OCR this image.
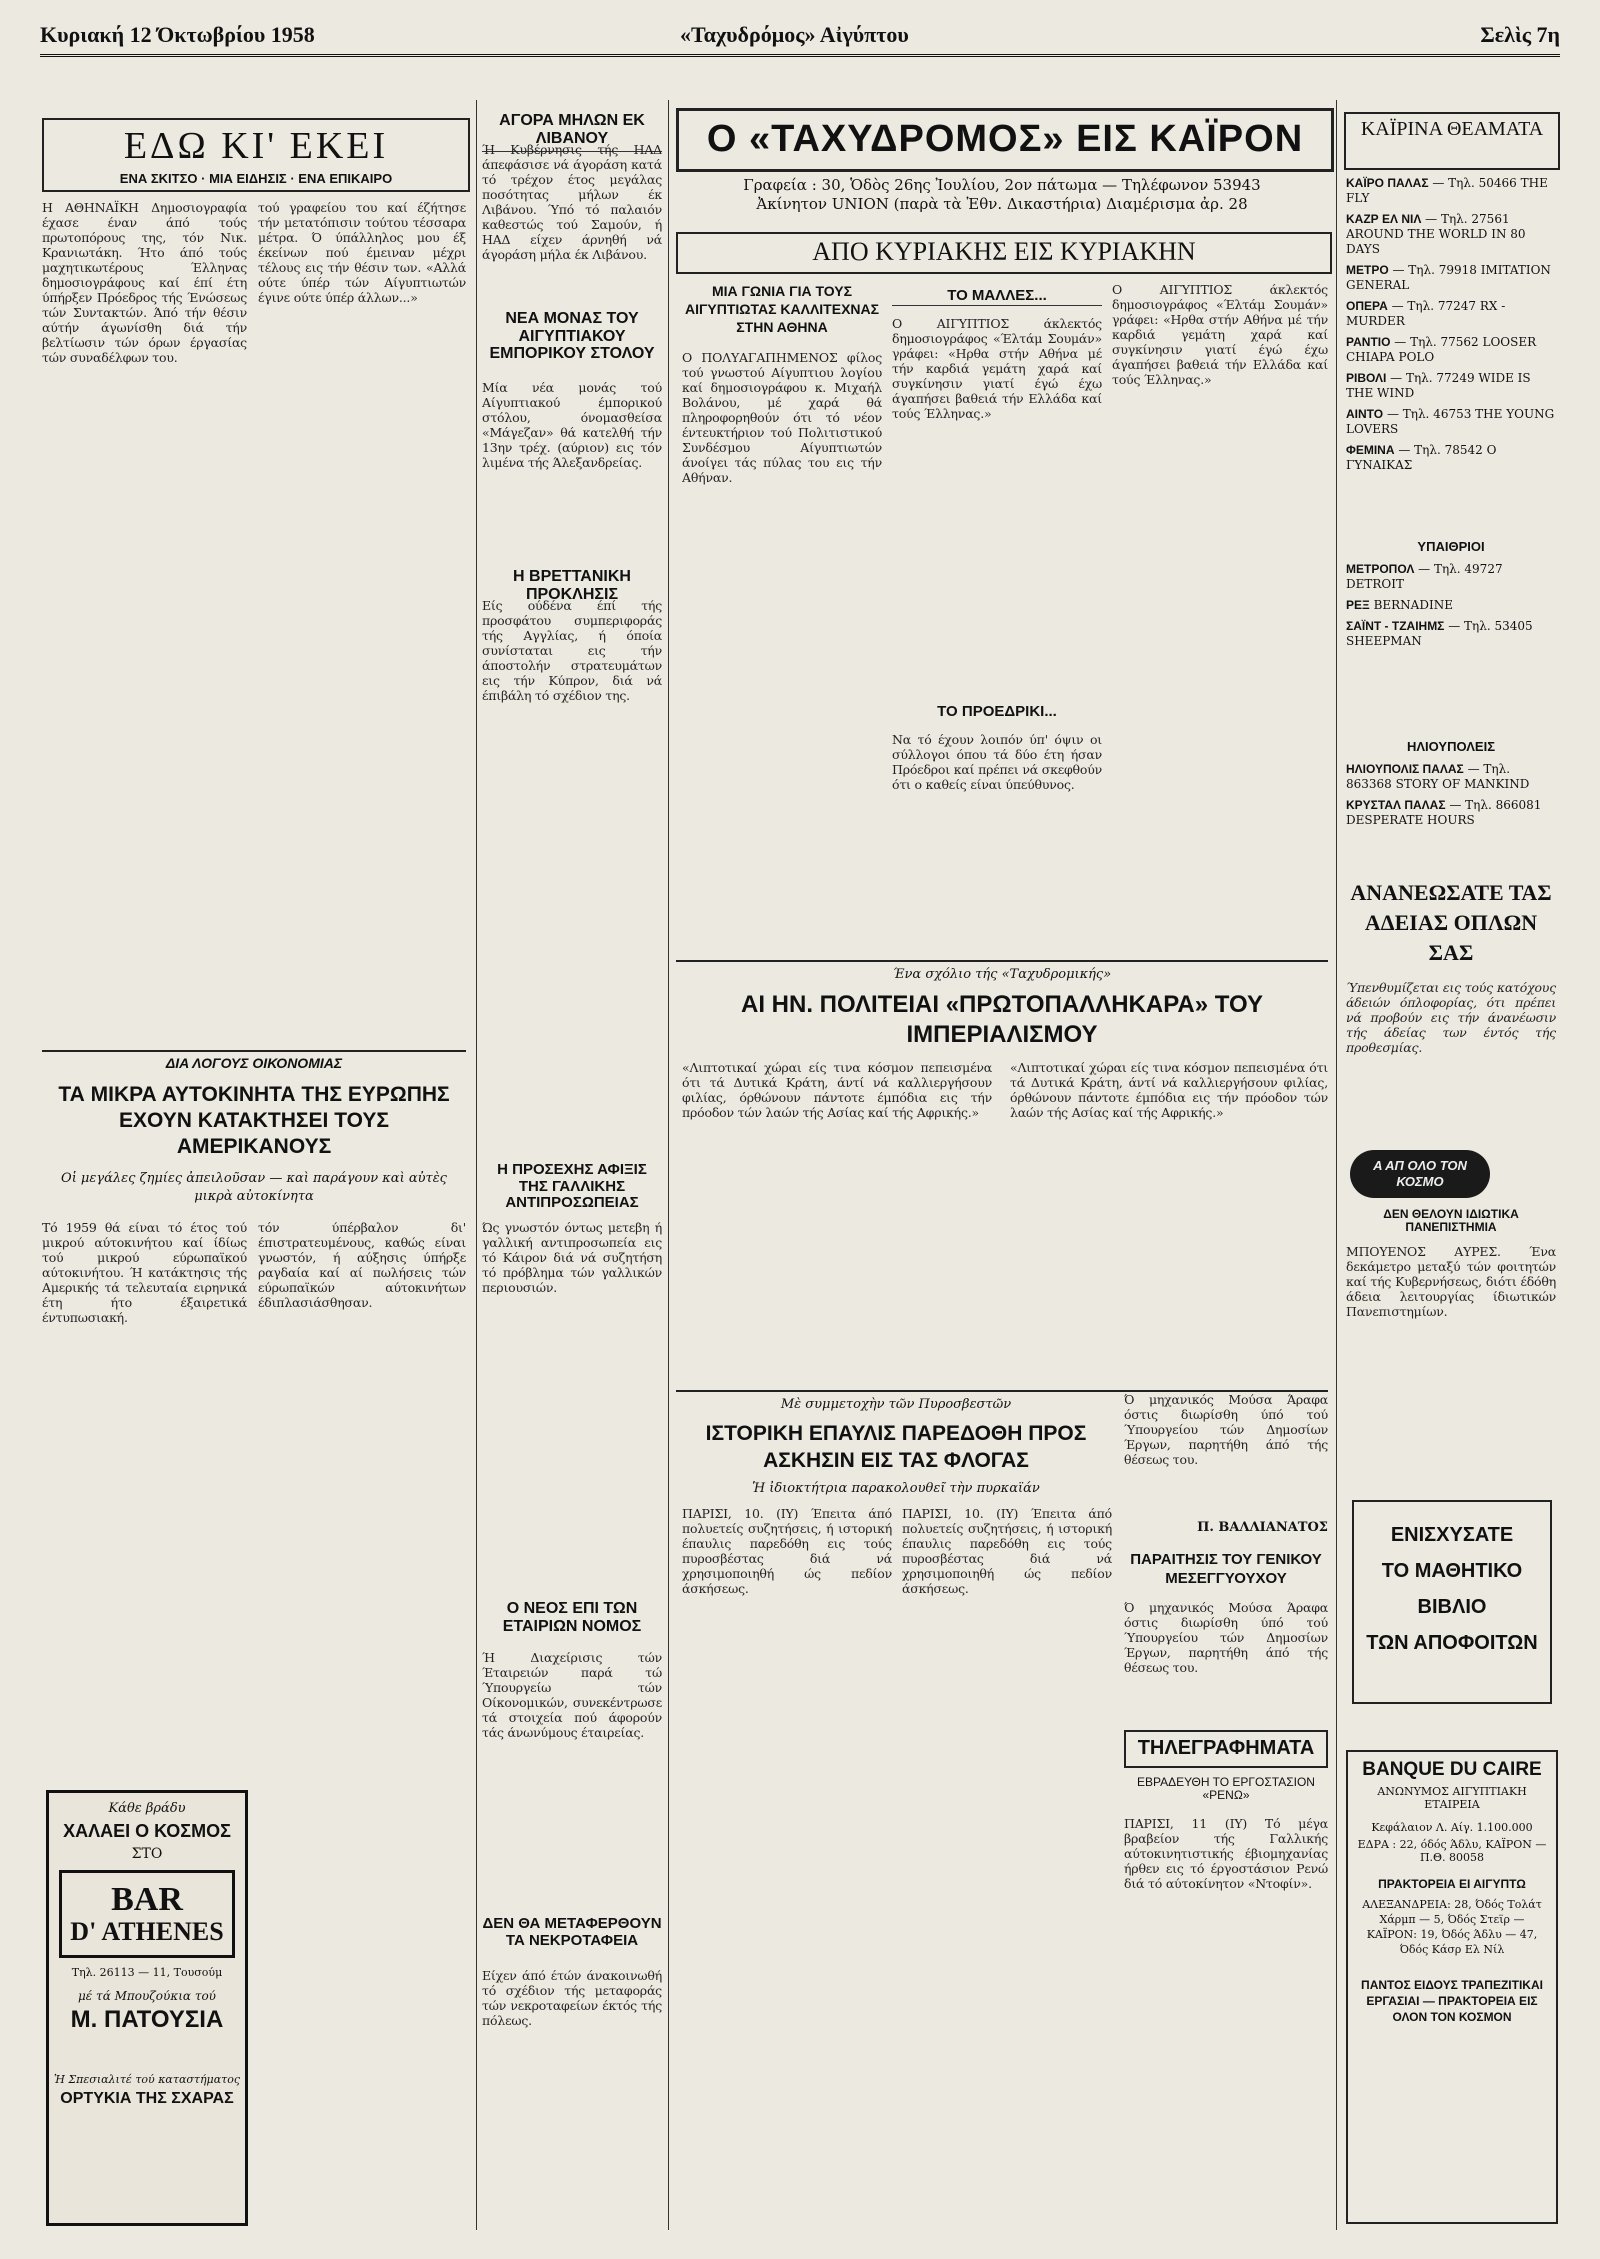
Κυριακή 12 Όκτωβρίου 1958	«Ταχυδρόμος» Αἰγύπτου	Σελὶς 7η
ΕΔΩ ΚΙ' ΕΚΕΙ
ΕΝΑ ΣΚΙΤΣΟ · ΜΙΑ ΕΙΔΗΣΙΣ · ΕΝΑ ΕΠΙΚΑΙΡΟ
Η ΑΘΗΝΑΪΚΗ Δημοσιογραφία έχασε έναν άπό τούς πρωτοπόρους της, τόν Νικ. Κρανιωτάκη. Ήτο άπό τούς μαχητικωτέρους Έλληνας δημοσιογράφους καί έπί έτη ύπήρξεν Πρόεδρος τής Ένώσεως τών Συντακτών. Άπό τήν θέσιν αύτήν άγωνίσθη διά τήν βελτίωσιν τών όρων έργασίας τών συναδέλφων του.
τού γραφείου του καί έζήτησε τήν μετατόπισιν τούτου τέσσαρα μέτρα. Ό ύπάλληλος μου έξ έκείνων πού έμειναν μέχρι τέλους εις τήν θέσιν των. «Αλλά ούτε ύπέρ τών Αίγυπτιωτών έγινε ούτε ύπέρ άλλων...»
ΔΙΑ ΛΟΓΟΥΣ ΟΙΚΟΝΟΜΙΑΣ
ΤΑ ΜΙΚΡΑ ΑΥΤΟΚΙΝΗΤΑ ΤΗΣ ΕΥΡΩΠΗΣ ΕΧΟΥΝ ΚΑΤΑΚΤΗΣΕΙ ΤΟΥΣ ΑΜΕΡΙΚΑΝΟΥΣ
Οἱ μεγάλες ζημίες ἀπειλοῦσαν — καὶ παράγουν καὶ αὐτὲς μικρὰ αὐτοκίνητα
Τό 1959 θά είναι τό έτος τού μικρού αύτοκινήτου καί ίδίως τού μικρού εύρωπαϊκού αύτοκινήτου. Ή κατάκτησις τής Αμερικής τά τελευταία ειρηνικά έτη ήτο έξαιρετικά έντυπωσιακή.
τόν ύπέρβαλον δι' έπιστρατευμένους, καθώς είναι γνωστόν, ή αύξησις ύπήρξε ραγδαία καί αί πωλήσεις τών εύρωπαϊκών αύτοκινήτων έδιπλασιάσθησαν.
Κάθε βράδυ
ΧΑΛΑΕΙ Ο ΚΟΣΜΟΣ
ΣΤΟ
BAR
D' ATHENES
Τηλ. 26113 — 11, Τουσούμ
μέ τά Μπουζούκια τού
Μ. ΠΑΤΟΥΣΙΑ
Ἡ Σπεσιαλιτέ τού καταστήματος
ΟΡΤΥΚΙΑ ΤΗΣ ΣΧΑΡΑΣ
ΑΓΟΡΑ ΜΗΛΩΝ ΕΚ ΛΙΒΑΝΟΥ
Ή Κυβέρνησις τής ΗΑΔ άπεφάσισε νά άγοράση κατά τό τρέχον έτος μεγάλας ποσότητας μήλων έκ Λιβάνου. Ύπό τό παλαιόν καθεστώς τού Σαμούν, ή ΗΑΔ είχεν άρνηθή νά άγοράση μήλα έκ Λιβάνου.
ΝΕΑ ΜΟΝΑΣ ΤΟΥ ΑΙΓΥΠΤΙΑΚΟΥ ΕΜΠΟΡΙΚΟΥ ΣΤΟΛΟΥ
Μία νέα μονάς τού Αίγυπτιακού έμπορικού στόλου, όνομασθείσα «Μάγεζαν» θά κατελθή τήν 13ην τρέχ. (αύριον) εις τόν λιμένα τής Άλεξανδρείας.
Η ΒΡΕΤΤΑΝΙΚΗ ΠΡΟΚΛΗΣΙΣ
Είς ούδένα έπί τής προσφάτου συμπεριφοράς τής Αγγλίας, ή όποία συνίσταται εις τήν άποστολήν στρατευμάτων εις τήν Κύπρον, διά νά έπιβάλη τό σχέδιον της.
Η ΠΡΟΣΕΧΗΣ ΑΦΙΞΙΣ ΤΗΣ ΓΑΛΛΙΚΗΣ ΑΝΤΙΠΡΟΣΩΠΕΙΑΣ
Ώς γνωστόν όντως μετεβη ή γαλλική αντιπροσωπεία εις τό Κάιρον διά νά συζητήση τό πρόβλημα τών γαλλικών περιουσιών.
Ο ΝΕΟΣ ΕΠΙ ΤΩΝ ΕΤΑΙΡΙΩΝ ΝΟΜΟΣ
Ή Διαχείρισις τών Έταιρειών παρά τώ Ύπουργείω τών Οίκονομικών, συνεκέντρωσε τά στοιχεία πού άφορούν τάς άνωνύμους έταιρείας.
ΔΕΝ ΘΑ ΜΕΤΑΦΕΡΘΟΥΝ ΤΑ ΝΕΚΡΟΤΑΦΕΙΑ
Είχεν άπό έτών άνακοινωθή τό σχέδιον τής μεταφοράς τών νεκροταφείων έκτός τής πόλεως.
Ο «ΤΑΧΥΔΡΟΜΟΣ» ΕΙΣ ΚΑΪΡΟΝ
Γραφεία : 30, Ὁδὸς 26ης Ἰουλίου, 2ον πάτωμα — Τηλέφωνον 53943
Ἀκίνητον UNION (παρὰ τὰ Ἐθν. Δικαστήρια) Διαμέρισμα ἀρ. 28
ΑΠΟ ΚΥΡΙΑΚΗΣ ΕΙΣ ΚΥΡΙΑΚΗΝ
ΜΙΑ ΓΩΝΙΑ ΓΙΑ ΤΟΥΣ ΑΙΓΥΠΤΙΩΤΑΣ ΚΑΛΛΙΤΕΧΝΑΣ ΣΤΗΝ ΑΘΗΝΑ
Ο ΠΟΛΥΑΓΑΠΗΜΕΝΟΣ φίλος τού γνωστού Αίγυπτιου λογίου καί δημοσιογράφου κ. Μιχαήλ Βολάνου, μέ χαρά θά πληροφορηθούν ότι τό νέον έντευκτήριον τού Πολιτιστικού Συνδέσμου Αίγυπτιωτών άνοίγει τάς πύλας του εις τήν Αθήναν.
ΤΟ ΜΑΛΛΕΣ...
Ο ΑΙΓΥΠΤΙΟΣ άκλεκτός δημοσιογράφος «Έλτάμ Σουμάν» γράφει: «Ηρθα στήν Αθήνα μέ τήν καρδιά γεμάτη χαρά καί συγκίνησιν γιατί έγώ έχω άγαπήσει βαθειά τήν Ελλάδα καί τούς Έλληνας.»
ΤΟ ΠΡΟΕΔΡΙΚΙ...
Να τό έχουν λοιπόν ύπ' όψιν οι σύλλογοι όπου τά δύο έτη ήσαν Πρόεδροι καί πρέπει νά σκεφθούν ότι ο καθείς είναι ύπεύθυνος.
Ο ΑΙΓΥΠΤΙΟΣ άκλεκτός δημοσιογράφος «Έλτάμ Σουμάν» γράφει: «Ηρθα στήν Αθήνα μέ τήν καρδιά γεμάτη χαρά καί συγκίνησιν γιατί έγώ έχω άγαπήσει βαθειά τήν Ελλάδα καί τούς Έλληνας.»
Ένα σχόλιο τής «Ταχυδρομικής»
ΑΙ ΗΝ. ΠΟΛΙΤΕΙΑΙ «ΠΡΩΤΟΠΑΛΛΗΚΑΡΑ» ΤΟΥ ΙΜΠΕΡΙΑΛΙΣΜΟΥ
«Λιπτοτικαί χώραι είς τινα κόσμον πεπεισμένα ότι τά Δυτικά Κράτη, άντί νά καλλιεργήσουν φιλίας, όρθώνουν πάντοτε έμπόδια εις τήν πρόοδον τών λαών τής Ασίας καί τής Αφρικής.»
«Λιπτοτικαί χώραι είς τινα κόσμον πεπεισμένα ότι τά Δυτικά Κράτη, άντί νά καλλιεργήσουν φιλίας, όρθώνουν πάντοτε έμπόδια εις τήν πρόοδον τών λαών τής Ασίας καί τής Αφρικής.»
Μὲ συμμετοχὴν τῶν Πυροσβεστῶν
ΙΣΤΟΡΙΚΗ ΕΠΑΥΛΙΣ ΠΑΡΕΔΟΘΗ ΠΡΟΣ ΑΣΚΗΣΙΝ ΕΙΣ ΤΑΣ ΦΛΟΓΑΣ
Ἡ ἰδιοκτήτρια παρακολουθεῖ τὴν πυρκαϊάν
ΠΑΡΙΣΙ, 10. (ΙΥ) Έπειτα άπό πολυετείς συζητήσεις, ή ιστορική έπαυλις παρεδόθη εις τούς πυροσβέστας διά νά χρησιμοποιηθή ώς πεδίον άσκήσεως.
ΠΑΡΙΣΙ, 10. (ΙΥ) Έπειτα άπό πολυετείς συζητήσεις, ή ιστορική έπαυλις παρεδόθη εις τούς πυροσβέστας διά νά χρησιμοποιηθή ώς πεδίον άσκήσεως.
Ό μηχανικός Μούσα Άραφα όστις διωρίσθη ύπό τού Ύπουργείου τών Δημοσίων Έργων, παρητήθη άπό τής θέσεως του.
Π. ΒΑΛΛΙΑΝΑΤΟΣ
ΠΑΡΑΙΤΗΣΙΣ ΤΟΥ ΓΕΝΙΚΟΥ ΜΕΣΕΓΓΥΟΥΧΟΥ
Ό μηχανικός Μούσα Άραφα όστις διωρίσθη ύπό τού Ύπουργείου τών Δημοσίων Έργων, παρητήθη άπό τής θέσεως του.
ΤΗΛΕΓΡΑΦΗΜΑΤΑ
ΕΒΡΑΔΕΥΘΗ ΤΟ ΕΡΓΟΣΤΑΣΙΟΝ «ΡΕΝΩ»
ΠΑΡΙΣΙ, 11 (ΙΥ) Τό μέγα βραβείον τής Γαλλικής αύτοκινητιστικής έβιομηχανίας ήρθεν εις τό έργοστάσιον Ρενώ διά τό αύτοκίνητον «Ντοφίν».
ΚΑΪΡΙΝΑ ΘΕΑΜΑΤΑ
ΚΑΪΡΟ ΠΑΛΑΣ — Τηλ. 50466 THE FLY
ΚΑΖΡ ΕΛ ΝΙΛ — Τηλ. 27561 AROUND THE WORLD IN 80 DAYS
ΜΕΤΡΟ — Τηλ. 79918 IMITATION GENERAL
ΟΠΕΡΑ — Τηλ. 77247 RX - MURDER
ΡΑΝΤΙΟ — Τηλ. 77562 LOOSER CHIAPA POLO
ΡΙΒΟΛΙ — Τηλ. 77249 WIDE IS THE WIND
ΑΙΝΤΟ — Τηλ. 46753 THE YOUNG LOVERS
ΦΕΜΙΝΑ — Τηλ. 78542 Ο ΓΥΝΑΙΚΑΣ
ΥΠΑΙΘΡΙΟΙ
ΜΕΤΡΟΠΟΛ — Τηλ. 49727 DETROIT
ΡΕΞ BERNADINE
ΣΑΪΝΤ - ΤΖΑΙΗΜΣ — Τηλ. 53405 SHEEPMAN
ΗΛΙΟΥΠΟΛΕΙΣ
ΗΛΙΟΥΠΟΛΙΣ ΠΑΛΑΣ — Τηλ. 863368 STORY OF MANKIND
ΚΡΥΣΤΑΛ ΠΑΛΑΣ — Τηλ. 866081 DESPERATE HOURS
ΑΝΑΝΕΩΣΑΤΕ ΤΑΣ ΑΔΕΙΑΣ ΟΠΛΩΝ ΣΑΣ
Ύπενθυμίζεται εις τούς κατόχους άδειών όπλοφορίας, ότι πρέπει νά προβούν εις τήν άνανέωσιν τής άδείας των έντός τής προθεσμίας.
Α ΑΠ ΟΛΟ ΤΟΝ ΚΟΣΜΟ
ΔΕΝ ΘΕΛΟΥΝ ΙΔΙΩΤΙΚΑ ΠΑΝΕΠΙΣΤΗΜΙΑ
ΜΠΟΥΕΝΟΣ ΑΥΡΕΣ. Ένα δεκάμετρο μεταξύ τών φοιτητών καί τής Κυβερνήσεως, διότι έδόθη άδεια λειτουργίας ίδιωτικών Πανεπιστημίων.
ΕΝΙΣΧΥΣΑΤΕ
ΤΟ ΜΑΘΗΤΙΚΟ
ΒΙΒΛΙΟ
ΤΩΝ ΑΠΟΦΟΙΤΩΝ
BANQUE DU CAIRE
ΑΝΩΝΥΜΟΣ ΑΙΓΥΠΤΙΑΚΗ ΕΤΑΙΡΕΙΑ
Κεφάλαιον Λ. Αίγ. 1.100.000
ΕΔΡΑ : 22, όδός Άδλυ, ΚΑΪΡΟΝ — Π.Θ. 80058
ΠΡΑΚΤΟΡΕΙΑ ΕΙ ΑΙΓΥΠΤΩ
ΑΛΕΞΑΝΔΡΕΙΑ: 28, Όδός Τολάτ Χάρμπ — 5, Όδός Στεϊρ — ΚΑΪΡΟΝ: 19, Όδός Άδλυ — 47, Όδός Κάσρ Ελ Νίλ
ΠΑΝΤΟΣ ΕΙΔΟΥΣ ΤΡΑΠΕΖΙΤΙΚΑΙ ΕΡΓΑΣΙΑΙ — ΠΡΑΚΤΟΡΕΙΑ ΕΙΣ ΟΛΟΝ ΤΟΝ ΚΟΣΜΟΝ
